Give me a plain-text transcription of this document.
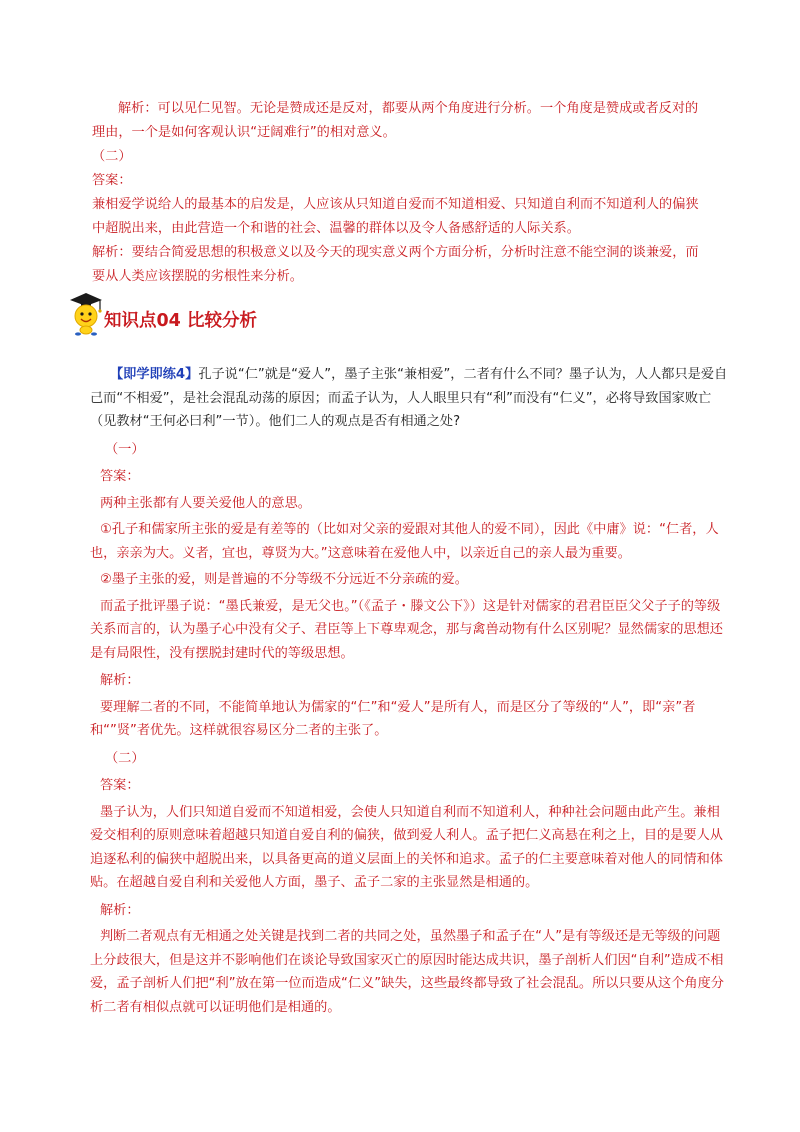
解析：可以见仁见智。无论是赞成还是反对，都要从两个角度进行分析。一个角度是赞成或者反对的理由，一个是如何客观认识“迂阔难行”的相对意义。

（二）

答案：

兼相爱学说给人的最基本的启发是，人应该从只知道自爱而不知道相爱、只知道自利而不知道利人的偏狭中超脱出来，由此营造一个和谐的社会、温馨的群体以及令人备感舒适的人际关系。

解析：要结合简爱思想的积极意义以及今天的现实意义两个方面分析，分析时注意不能空洞的谈兼爱，而要从人类应该摆脱的劣根性来分析。

知识点04 比较分析

【即学即练4】孔子说“仁”就是“爱人”，墨子主张“兼相爱”，二者有什么不同？墨子认为，人人都只是爱自己而“不相爱”，是社会混乱动荡的原因；而孟子认为，人人眼里只有“利”而没有“仁义”，必将导致国家败亡（见教材“王何必曰利”一节）。他们二人的观点是否有相通之处?

（一）

答案：

两种主张都有人要关爱他人的意思。

①孔子和儒家所主张的爱是有差等的（比如对父亲的爱跟对其他人的爱不同），因此《中庸》说：“仁者，人也，亲亲为大。义者，宜也，尊贤为大。”这意味着在爱他人中，以亲近自己的亲人最为重要。

②墨子主张的爱，则是普遍的不分等级不分远近不分亲疏的爱。

而孟子批评墨子说：“墨氏兼爱，是无父也。”（《孟子・滕文公下》）这是针对儒家的君君臣臣父父子子的等级关系而言的，认为墨子心中没有父子、君臣等上下尊卑观念，那与禽兽动物有什么区别呢？显然儒家的思想还是有局限性，没有摆脱封建时代的等级思想。

解析：

要理解二者的不同，不能简单地认为儒家的“仁”和“爱人”是所有人，而是区分了等级的“人”，即“亲”者和“”贤”者优先。这样就很容易区分二者的主张了。

（二）

答案：

墨子认为，人们只知道自爱而不知道相爱，会使人只知道自利而不知道利人，种种社会问题由此产生。兼相爱交相利的原则意味着超越只知道自爱自利的偏狭，做到爱人利人。孟子把仁义高悬在利之上，目的是要人从追逐私利的偏狭中超脱出来，以具备更高的道义层面上的关怀和追求。孟子的仁主要意味着对他人的同情和体贴。在超越自爱自利和关爱他人方面，墨子、孟子二家的主张显然是相通的。

解析：

判断二者观点有无相通之处关键是找到二者的共同之处，虽然墨子和孟子在“人”是有等级还是无等级的问题上分歧很大，但是这并不影响他们在谈论导致国家灭亡的原因时能达成共识，墨子剖析人们因“自利”造成不相爱，孟子剖析人们把“利”放在第一位而造成“仁义”缺失，这些最终都导致了社会混乱。所以只要从这个角度分析二者有相似点就可以证明他们是相通的。
